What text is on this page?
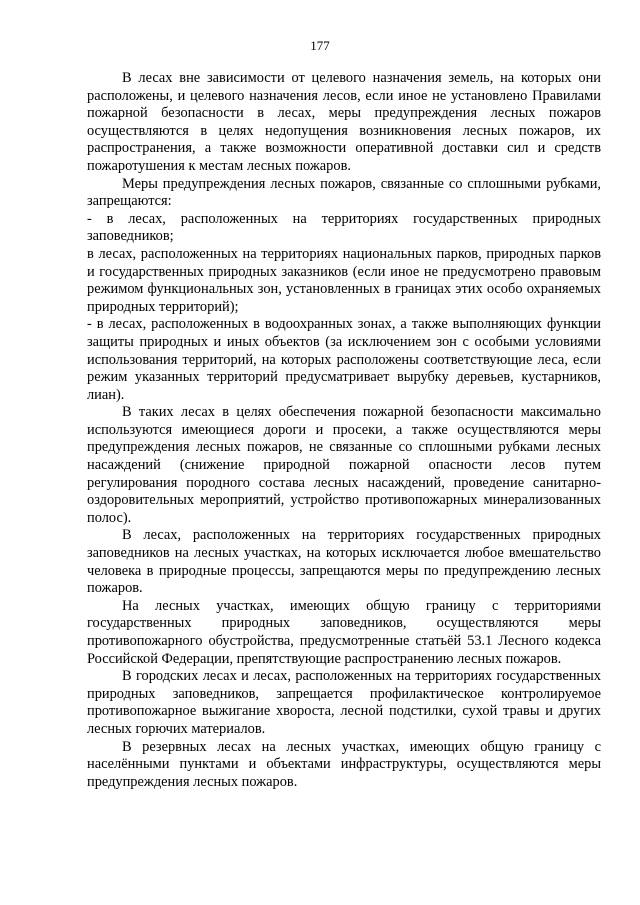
177

В лесах вне зависимости от целевого назначения земель, на которых они расположены, и целевого назначения лесов, если иное не установлено Правилами пожарной безопасности в лесах, меры предупреждения лесных пожаров осуществляются в целях недопущения возникновения лесных пожаров, их распространения, а также возможности оперативной доставки сил и средств пожаротушения к местам лесных пожаров.

Меры предупреждения лесных пожаров, связанные со сплошными рубками, запрещаются:

- в лесах, расположенных на территориях государственных природных заповедников;

в лесах, расположенных на территориях национальных парков, природных парков и государственных природных заказников (если иное не предусмотрено правовым режимом функциональных зон, установленных в границах этих особо охраняемых природных территорий);

- в лесах, расположенных в водоохранных зонах, а также выполняющих функции защиты природных и иных объектов (за исключением зон с особыми условиями использования территорий, на которых расположены соответствующие леса, если режим указанных территорий предусматривает вырубку деревьев, кустарников, лиан).

В таких лесах в целях обеспечения пожарной безопасности максимально используются имеющиеся дороги и просеки, а также осуществляются меры предупреждения лесных пожаров, не связанные со сплошными рубками лесных насаждений (снижение природной пожарной опасности лесов путем регулирования породного состава лесных насаждений, проведение санитарно-оздоровительных мероприятий, устройство противопожарных минерализованных полос).

В лесах, расположенных на территориях государственных природных заповедников на лесных участках, на которых исключается любое вмешательство человека в природные процессы, запрещаются меры по предупреждению лесных пожаров.

На лесных участках, имеющих общую границу с территориями государственных природных заповедников, осуществляются меры противопожарного обустройства, предусмотренные статьёй 53.1 Лесного кодекса Российской Федерации, препятствующие распространению лесных пожаров.

В городских лесах и лесах, расположенных на территориях государственных природных заповедников, запрещается профилактическое контролируемое противопожарное выжигание хвороста, лесной подстилки, сухой травы и других лесных горючих материалов.

В резервных лесах на лесных участках, имеющих общую границу с населёнными пунктами и объектами инфраструктуры, осуществляются меры предупреждения лесных пожаров.
